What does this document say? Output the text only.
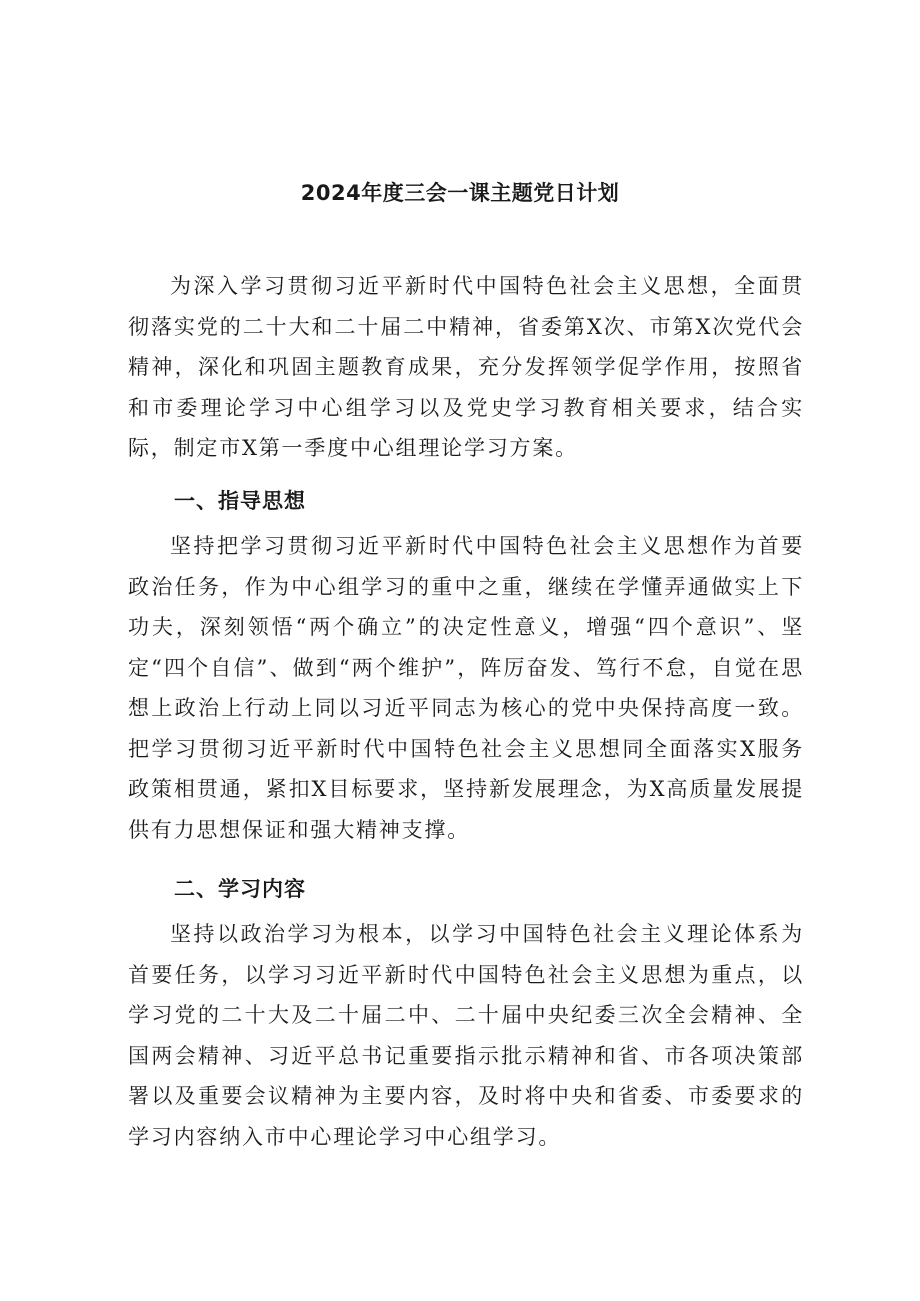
2024年度三会一课主题党日计划

为深入学习贯彻习近平新时代中国特色社会主义思想，全面贯彻落实党的二十大和二十届二中精神，省委第X次、市第X次党代会精神，深化和巩固主题教育成果，充分发挥领学促学作用，按照省和市委理论学习中心组学习以及党史学习教育相关要求，结合实际，制定市X第一季度中心组理论学习方案。

一、指导思想

坚持把学习贯彻习近平新时代中国特色社会主义思想作为首要政治任务，作为中心组学习的重中之重，继续在学懂弄通做实上下功夫，深刻领悟“两个确立”的决定性意义，增强“四个意识”、坚定“四个自信”、做到“两个维护”，阵厉奋发、笃行不怠，自觉在思想上政治上行动上同以习近平同志为核心的党中央保持高度一致。把学习贯彻习近平新时代中国特色社会主义思想同全面落实X服务政策相贯通，紧扣X目标要求，坚持新发展理念，为X高质量发展提供有力思想保证和强大精神支撑。

二、学习内容

坚持以政治学习为根本，以学习中国特色社会主义理论体系为首要任务，以学习习近平新时代中国特色社会主义思想为重点，以学习党的二十大及二十届二中、二十届中央纪委三次全会精神、全国两会精神、习近平总书记重要指示批示精神和省、市各项决策部署以及重要会议精神为主要内容，及时将中央和省委、市委要求的学习内容纳入市中心理论学习中心组学习。
